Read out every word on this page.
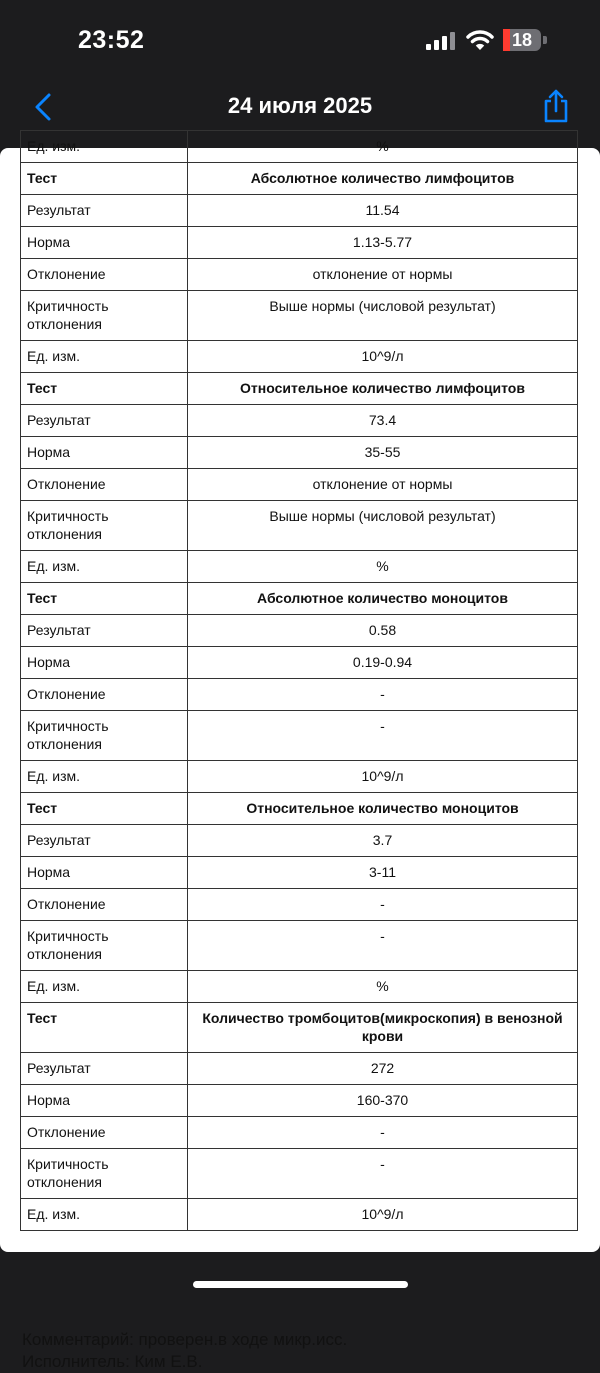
23:52	18
24 июля 2025
Ед. изм.	%
Тест	Абсолютное количество лимфоцитов
Результат	11.54
Норма	1.13-5.77
Отклонение	отклонение от нормы
Критичность отклонения	Выше нормы (числовой результат)
Ед. изм.	10^9/л
Тест	Относительное количество лимфоцитов
Результат	73.4
Норма	35-55
Отклонение	отклонение от нормы
Критичность отклонения	Выше нормы (числовой результат)
Ед. изм.	%
Тест	Абсолютное количество моноцитов
Результат	0.58
Норма	0.19-0.94
Отклонение	-
Критичность отклонения	-
Ед. изм.	10^9/л
Тест	Относительное количество моноцитов
Результат	3.7
Норма	3-11
Отклонение	-
Критичность отклонения	-
Ед. изм.	%
Тест	Количество тромбоцитов(микроскопия) в венозной крови
Результат	272
Норма	160-370
Отклонение	-
Критичность отклонения	-
Ед. изм.	10^9/л
Комментарий: проверен.в ходе микр.исс.
Исполнитель: Ким Е.В.
